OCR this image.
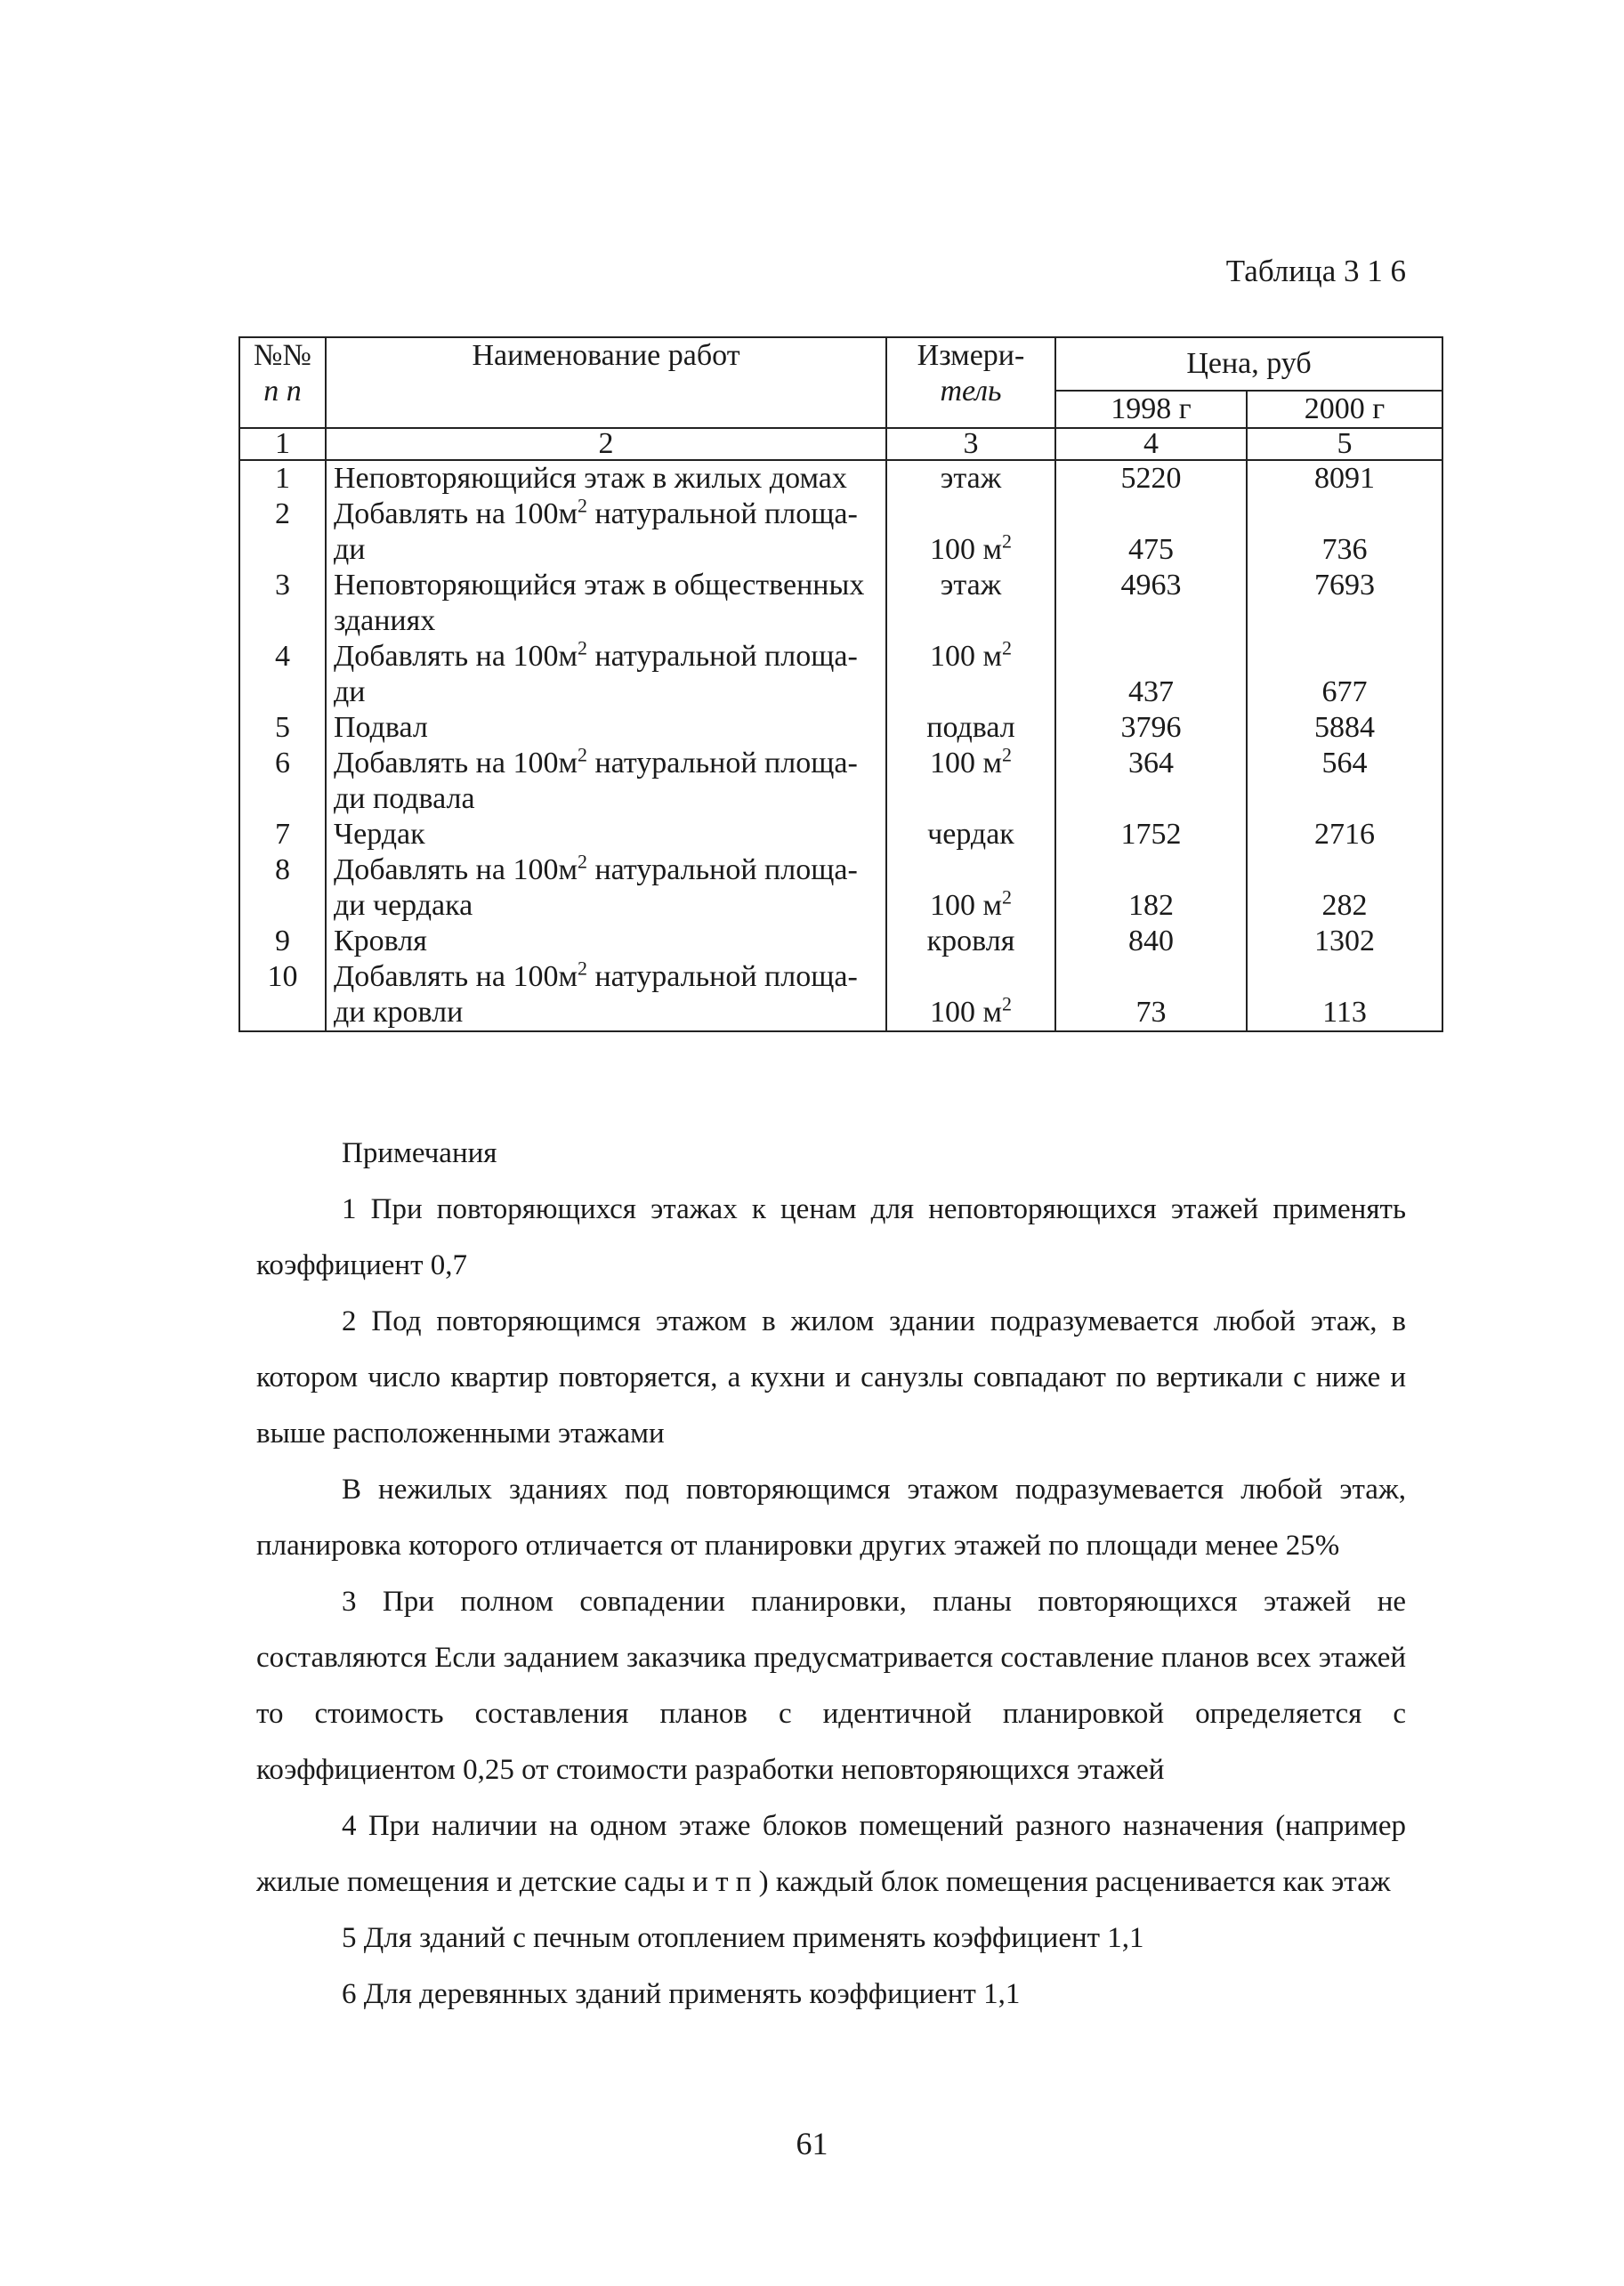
Таблица 3 1 6
№№
п п	Наименование работ	Измери-
тель	Цена, руб	
			1998 г	2000 г
1	2	3	4	5
1	Неповторяющийся этаж в жилых домах	этаж	5220	8091
2	Добавлять на $100м^2$ натуральной площа-
ди	100 $м^2$	475	736
3	Неповторяющийся этаж в общественных
зданиях	этаж	4963	7693
4	Добавлять на $100м^2$ натуральной площа-
ди	100 $м^2$	437	677
5	Подвал	подвал	3796	5884
6	Добавлять на $100м^2$ натуральной площа-
ди подвала	100 $м^2$	364	564
7	Чердак	чердак	1752	2716
8	Добавлять на $100м^2$ натуральной площа-
ди чердака	100 $м^2$	182	282
9	Кровля	кровля	840	1302
10	Добавлять на $100м^2$ натуральной площа-
ди кровли	100 $м^2$	73	113

Примечания

1 При повторяющихся этажах к ценам для неповторяющихся этажей применять коэффициент 0,7

2 Под повторяющимся этажом в жилом здании подразумевается любой этаж, в котором число квартир повторяется, а кухни и санузлы совпадают по вертикали с ниже и выше расположенными этажами

В нежилых зданиях под повторяющимся этажом подразумевается любой этаж, планировка которого отличается от планировки других этажей по площади менее 25%

3 При полном совпадении планировки, планы повторяющихся этажей не составляются Если заданием заказчика предусматривается составление планов всех этажей то стоимость составления планов с идентичной планировкой определяется с коэффициентом 0,25 от стоимости разработки неповторяющихся этажей

4 При наличии на одном этаже блоков помещений разного назначения (например жилые помещения и детские сады и т п ) каждый блок помещения расценивается как этаж

5 Для зданий с печным отоплением применять коэффициент 1,1

6 Для деревянных зданий применять коэффициент 1,1

61
